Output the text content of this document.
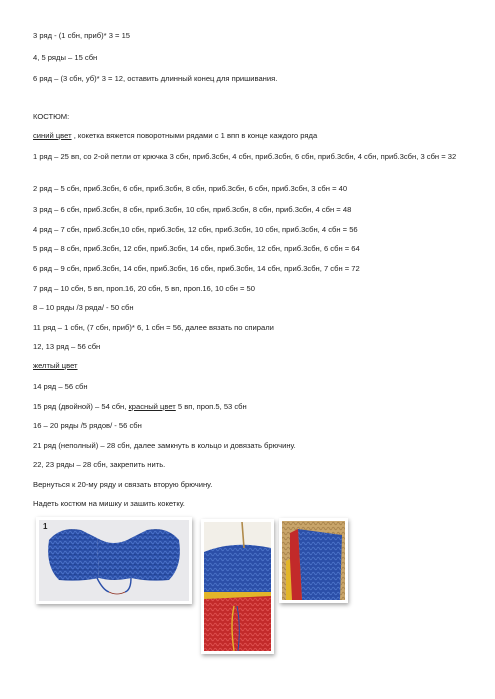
3 ряд - (1 сбн, приб)* 3 = 15
4, 5 ряды – 15 сбн
6 ряд – (3 сбн, уб)* 3 = 12, оставить длинный конец для пришивания.
КОСТЮМ:
синий цвет , кокетка вяжется поворотными рядами с 1 впп в конце каждого ряда
1 ряд – 25 вп, со 2-ой петли от крючка 3 сбн, приб.3сбн, 4 сбн, приб.3сбн, 6 сбн, приб.3сбн, 4 сбн, приб.3сбн, 3 сбн = 32
2 ряд – 5 сбн, приб.3сбн, 6 сбн, приб.3сбн, 8 сбн, приб.3сбн, 6 сбн, приб.3сбн, 3 сбн = 40
3 ряд – 6 сбн, приб.3сбн, 8 сбн, приб.3сбн, 10 сбн, приб.3сбн, 8 сбн, приб.3сбн, 4 сбн = 48
4 ряд – 7 сбн, приб.3сбн,10 сбн, приб.3сбн, 12 сбн, приб.3сбн, 10 сбн, приб.3сбн, 4 сбн = 56
5 ряд – 8 сбн, приб.3сбн, 12 сбн, приб.3сбн, 14 сбн, приб.3сбн, 12 сбн, приб.3сбн, 6 сбн = 64
6 ряд – 9 сбн, приб.3сбн, 14 сбн, приб.3сбн, 16 сбн, приб.3сбн, 14 сбн, приб.3сбн, 7 сбн = 72
7 ряд – 10 сбн, 5 вп, проп.16, 20 сбн, 5 вп, проп.16, 10 сбн = 50
8 – 10 ряды /3 ряда/ - 50 сбн
11 ряд – 1 сбн, (7 сбн, приб)* 6, 1 сбн = 56, далее вязать по спирали
12, 13 ряд – 56 сбн
желтый цвет
14 ряд – 56 сбн
15 ряд (двойной) – 54 сбн, красный цвет 5 вп, проп.5, 53 сбн
16 – 20 ряды /5 рядов/ - 56 сбн
21 ряд (неполный) – 28 сбн, далее замкнуть в кольцо и довязать брючину.
22, 23 ряды – 28 сбн, закрепить нить.
Вернуться к 20-му ряду и связать вторую брючину.
Надеть костюм на мишку и зашить кокетку.
1
